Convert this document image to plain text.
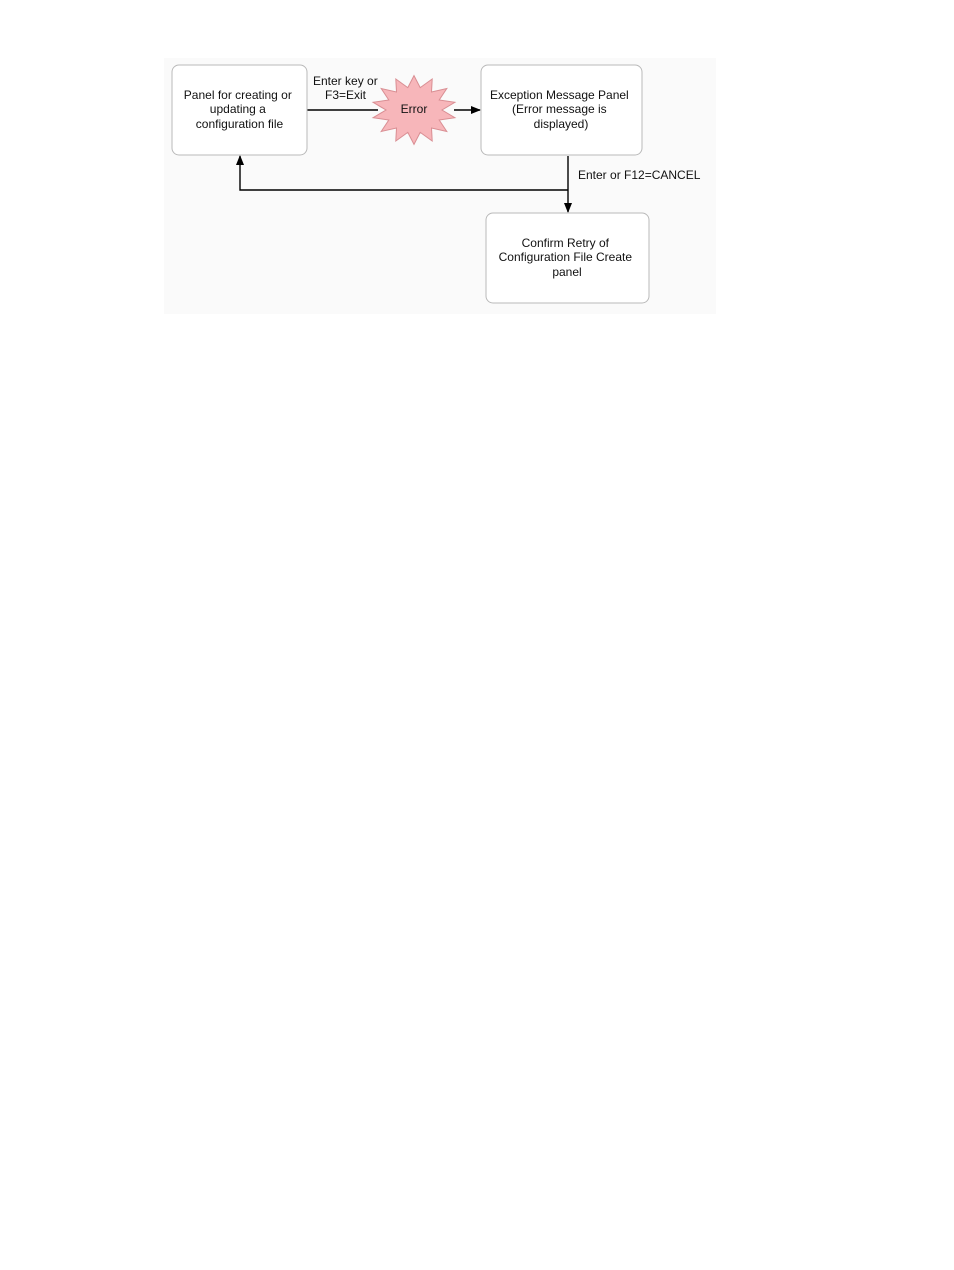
Panel for creating or updating a configuration file
Exception Message Panel (Error message is displayed)
Confirm Retry of Configuration File Create panel
Error
Enter key or F3=Exit
Enter or F12=CANCEL
